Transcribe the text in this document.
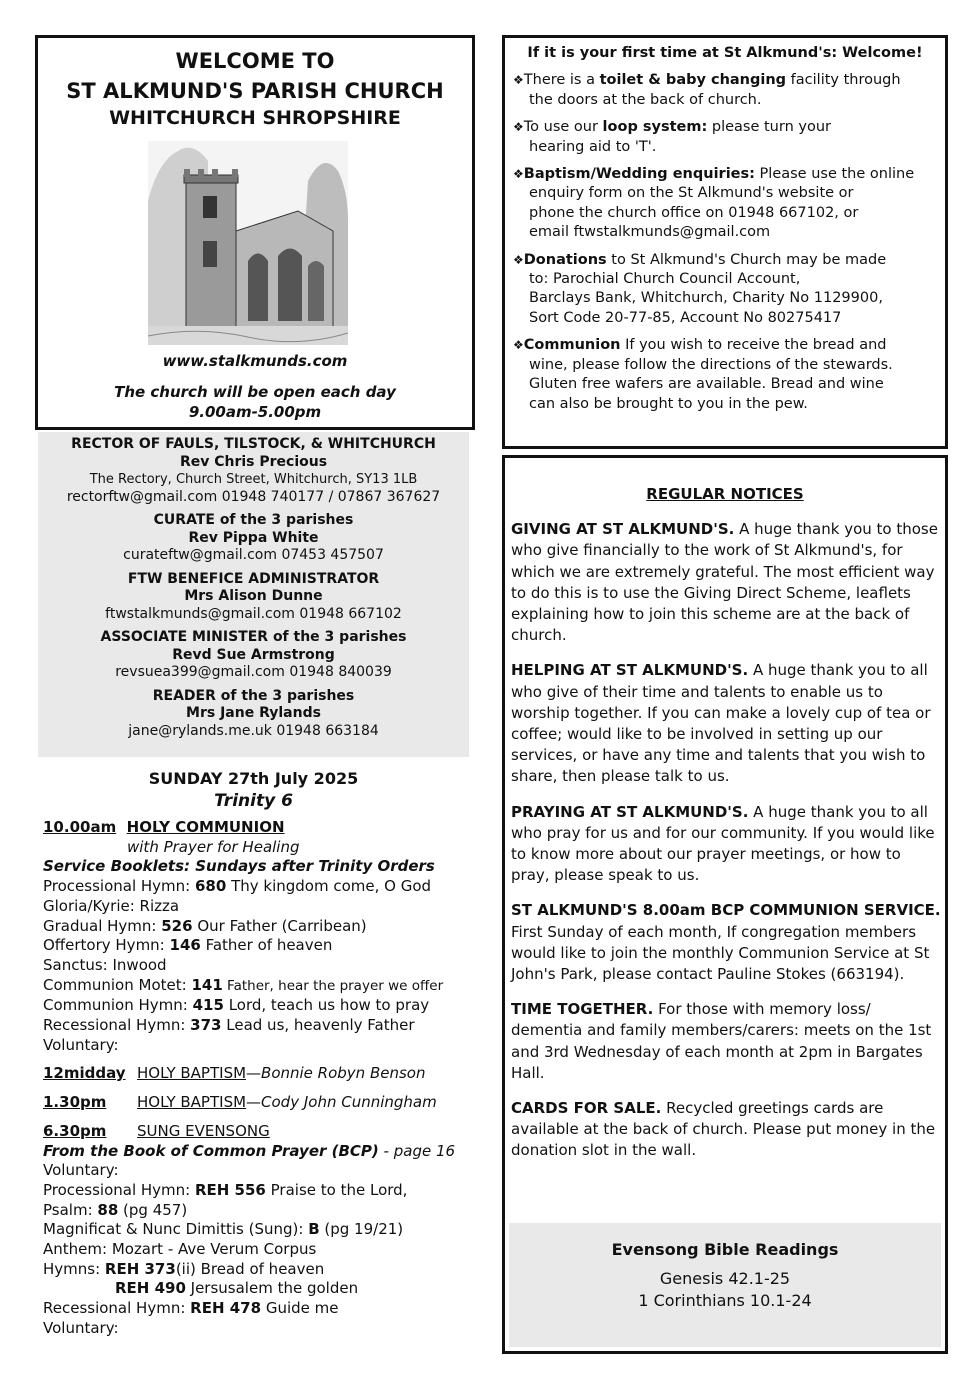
WELCOME TO
ST ALKMUND'S PARISH CHURCH
WHITCHURCH SHROPSHIRE
www.stalkmunds.com
The church will be open each day
9.00am-5.00pm
RECTOR OF FAULS, TILSTOCK, & WHITCHURCH
Rev Chris Precious
The Rectory, Church Street, Whitchurch, SY13 1LB
rectorftw@gmail.com 01948 740177 / 07867 367627
CURATE of the 3 parishes
Rev Pippa White
curateftw@gmail.com 07453 457507
FTW BENEFICE ADMINISTRATOR
Mrs Alison Dunne
ftwstalkmunds@gmail.com 01948 667102
ASSOCIATE MINISTER of the 3 parishes
Revd Sue Armstrong
revsuea399@gmail.com 01948 840039
READER of the 3 parishes
Mrs Jane Rylands
jane@rylands.me.uk 01948 663184
SUNDAY 27th July 2025
Trinity 6
10.00am HOLY COMMUNION
with Prayer for Healing
Service Booklets: Sundays after Trinity Orders
Processional Hymn: 680 Thy kingdom come, O God
Gloria/Kyrie: Rizza
Gradual Hymn: 526 Our Father (Carribean)
Offertory Hymn: 146 Father of heaven
Sanctus: Inwood
Communion Motet: 141 Father, hear the prayer we offer
Communion Hymn: 415 Lord, teach us how to pray
Recessional Hymn: 373 Lead us, heavenly Father
Voluntary:
12midday HOLY BAPTISM—Bonnie Robyn Benson
1.30pm HOLY BAPTISM—Cody John Cunningham
6.30pm SUNG EVENSONG
From the Book of Common Prayer (BCP) - page 16
Voluntary:
Processional Hymn: REH 556 Praise to the Lord,
Psalm: 88 (pg 457)
Magnificat & Nunc Dimittis (Sung): B (pg 19/21)
Anthem: Mozart - Ave Verum Corpus
Hymns: REH 373(ii) Bread of heaven
REH 490 Jersusalem the golden
Recessional Hymn: REH 478 Guide me
Voluntary:
If it is your first time at St Alkmund's: Welcome!
❖There is a toilet & baby changing facility through
the doors at the back of church.
❖To use our loop system: please turn your
hearing aid to 'T'.
❖Baptism/Wedding enquiries: Please use the online
enquiry form on the St Alkmund's website or
phone the church office on 01948 667102, or
email ftwstalkmunds@gmail.com
❖Donations to St Alkmund's Church may be made
to: Parochial Church Council Account,
Barclays Bank, Whitchurch, Charity No 1129900,
Sort Code 20-77-85, Account No 80275417
❖Communion If you wish to receive the bread and
wine, please follow the directions of the stewards.
Gluten free wafers are available. Bread and wine
can also be brought to you in the pew.
REGULAR NOTICES
GIVING AT ST ALKMUND'S. A huge thank you to those who give financially to the work of St Alkmund's, for which we are extremely grateful. The most efficient way to do this is to use the Giving Direct Scheme, leaflets explaining how to join this scheme are at the back of church.
HELPING AT ST ALKMUND'S. A huge thank you to all who give of their time and talents to enable us to worship together. If you can make a lovely cup of tea or coffee; would like to be involved in setting up our services, or have any time and talents that you wish to share, then please talk to us.
PRAYING AT ST ALKMUND'S. A huge thank you to all who pray for us and for our community. If you would like to know more about our prayer meetings, or how to pray, please speak to us.
ST ALKMUND'S 8.00am BCP COMMUNION SERVICE. First Sunday of each month, If congregation members would like to join the monthly Communion Service at St John's Park, please contact Pauline Stokes (663194).
TIME TOGETHER. For those with memory loss/ dementia and family members/carers: meets on the 1st and 3rd Wednesday of each month at 2pm in Bargates Hall.
CARDS FOR SALE. Recycled greetings cards are available at the back of church. Please put money in the donation slot in the wall.
Evensong Bible Readings
Genesis 42.1-25
1 Corinthians 10.1-24
